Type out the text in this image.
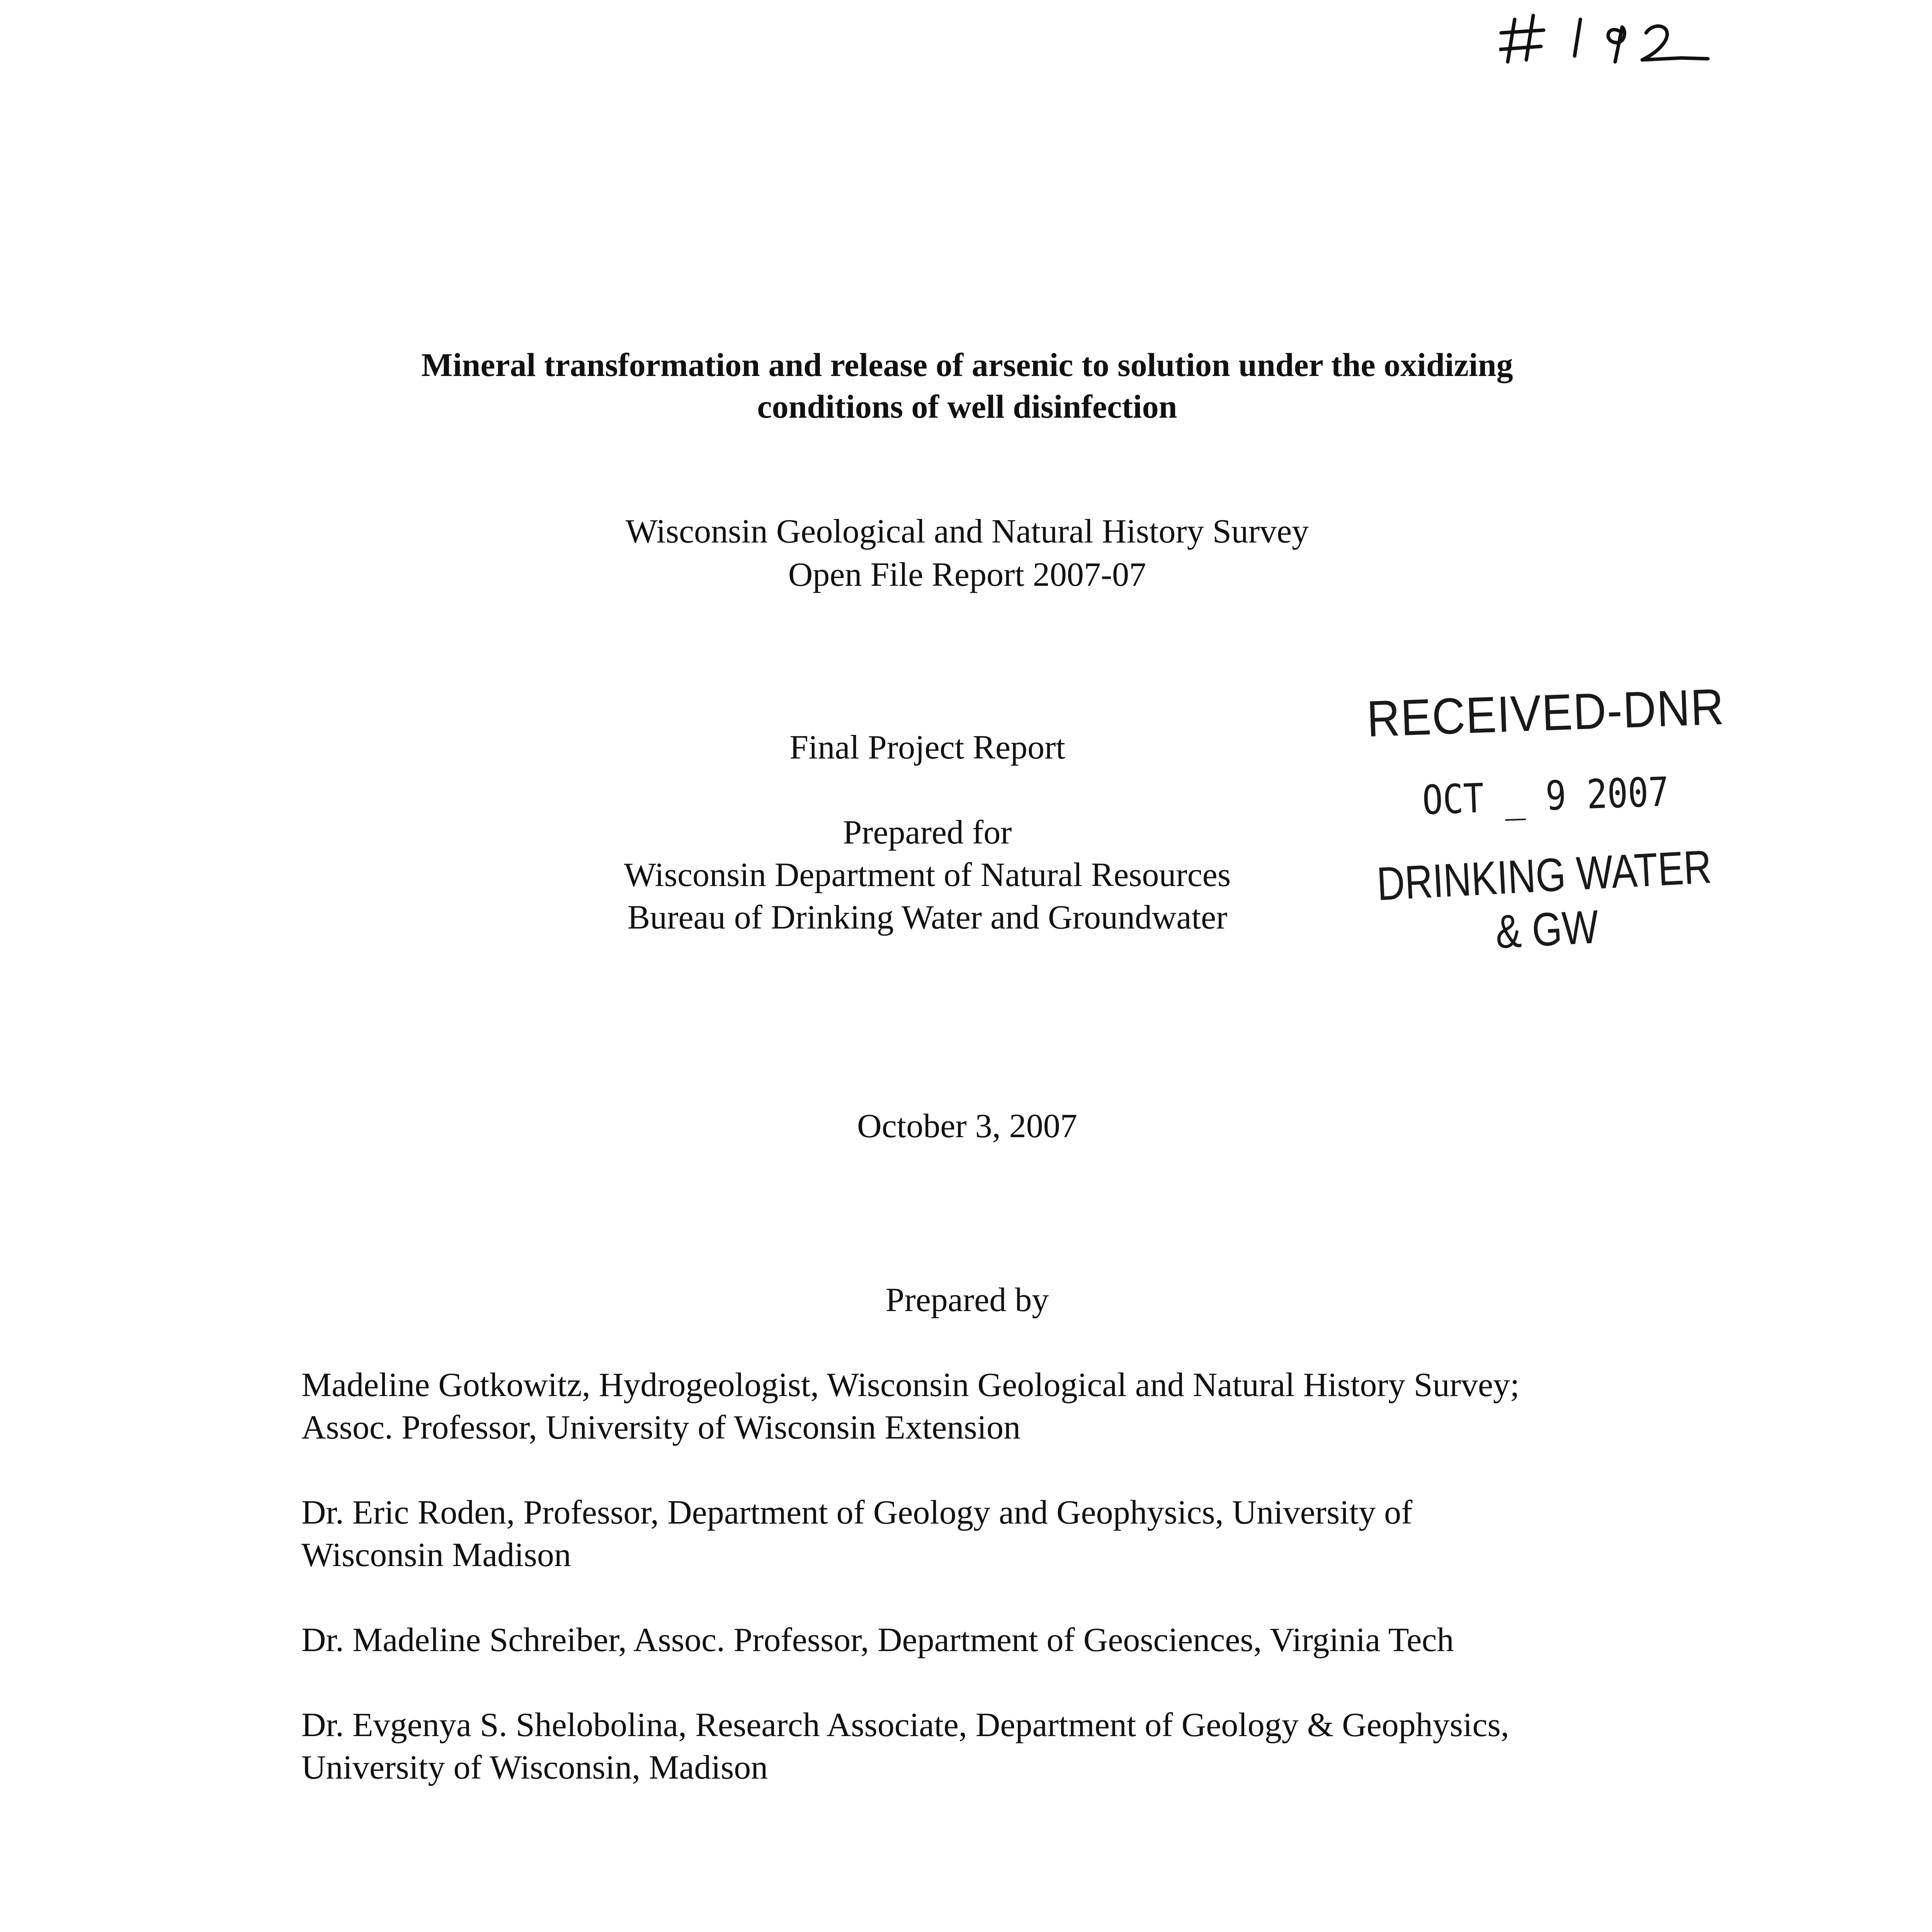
Mineral transformation and release of arsenic to solution under the oxidizing
conditions of well disinfection
Wisconsin Geological and Natural History Survey
Open File Report 2007-07
Final Project Report
Prepared for
Wisconsin Department of Natural Resources
Bureau of Drinking Water and Groundwater
RECEIVED-DNR
OCT _ 9 2007
DRINKING WATER & GW
October 3, 2007
Prepared by
Madeline Gotkowitz, Hydrogeologist, Wisconsin Geological and Natural History Survey;
Assoc. Professor, University of Wisconsin Extension
Dr. Eric Roden, Professor, Department of Geology and Geophysics, University of
Wisconsin Madison
Dr. Madeline Schreiber, Assoc. Professor, Department of Geosciences, Virginia Tech
Dr. Evgenya S. Shelobolina, Research Associate, Department of Geology & Geophysics,
University of Wisconsin, Madison
